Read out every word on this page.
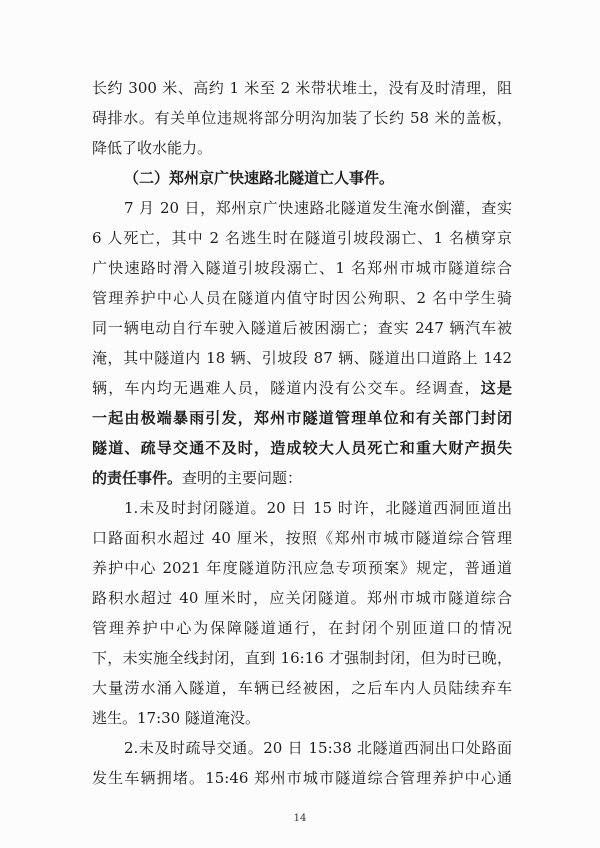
长约 300 米、高约 1 米至 2 米带状堆土，没有及时清理，阻
碍排水。有关单位违规将部分明沟加装了长约 58 米的盖板，
降低了收水能力。
（二）郑州京广快速路北隧道亡人事件。
7 月 20 日，郑州京广快速路北隧道发生淹水倒灌，查实
6 人死亡，其中 2 名逃生时在隧道引坡段溺亡、1 名横穿京
广快速路时滑入隧道引坡段溺亡、1 名郑州市城市隧道综合
管理养护中心人员在隧道内值守时因公殉职、2 名中学生骑
同一辆电动自行车驶入隧道后被困溺亡；查实 247 辆汽车被
淹，其中隧道内 18 辆、引坡段 87 辆、隧道出口道路上 142
辆，车内均无遇难人员，隧道内没有公交车。经调查，这是
一起由极端暴雨引发，郑州市隧道管理单位和有关部门封闭
隧道、疏导交通不及时，造成较大人员死亡和重大财产损失
的责任事件。查明的主要问题：
1.未及时封闭隧道。20 日 15 时许，北隧道西洞匝道出
口路面积水超过 40 厘米，按照《郑州市城市隧道综合管理
养护中心 2021 年度隧道防汛应急专项预案》规定，普通道
路积水超过 40 厘米时，应关闭隧道。郑州市城市隧道综合
管理养护中心为保障隧道通行，在封闭个别匝道口的情况
下，未实施全线封闭，直到 16:16 才强制封闭，但为时已晚，
大量涝水涌入隧道，车辆已经被困，之后车内人员陆续弃车
逃生。17:30 隧道淹没。
2.未及时疏导交通。20 日 15:38 北隧道西洞出口处路面
发生车辆拥堵。15:46 郑州市城市隧道综合管理养护中心通
14
